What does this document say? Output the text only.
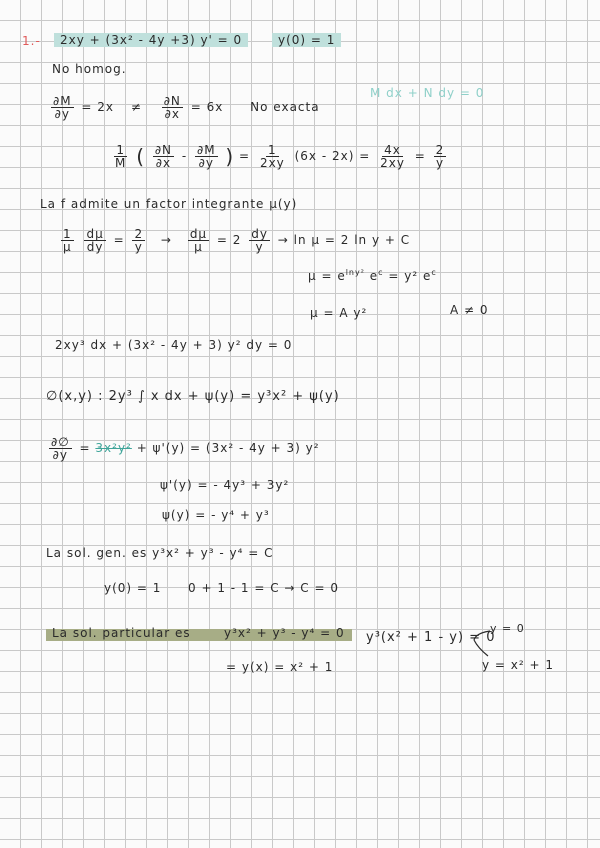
1.-	2xy + (3x² - 4y +3) y' = 0	y(0) = 1
No homog.
$\frac{\partial M}{\partial y} = 2x \ne \frac{\partial N}{\partial x} = 6x$ No exacta
M dx + N dy = 0
$\frac{1}{M}$ ( $\frac{\partial N}{\partial x} - \frac{\partial M}{\partial y}$ ) = $\frac{1}{2xy} (6x - 2x) = \frac{4x}{2xy} = \frac{2}{y}$
La f admite un factor integrante μ(y)
$\frac{1}{\mu}$
$\frac{d\mu}{dy} = \frac{2}{y} \to \frac{d\mu}{\mu} = 2 \frac{dy}{y} \to \ln \mu = 2$ ln y + C
$\mu = e^{lny^2}$ $e^c = y^2$ $e^c$
μ = A y²	A ≠ 0
2xy³ dx + (3x² - 4y + 3) y² dy = 0
∅(x,y) : 2y³ ∫ x dx + ψ(y) = y³x² + ψ(y)
$\frac{\partial\emptyset}{\partial y} = 3x^2y^2 + \psi'(y) = (3x^2 - 4y + 3)$ y²
ψ'(y) = - 4y³ + 3y²
ψ(y) = - y⁴ + y³
La sol. gen. es y³x² + y³ - y⁴ = C
y(0) = 1 0 + 1 - 1 = C → C = 0
La sol. particular es	y³x² + y³ - y⁴ = 0 y³(x² + 1 - y) = 0
y = 0
y = x² + 1
= y(x) = x² + 1
